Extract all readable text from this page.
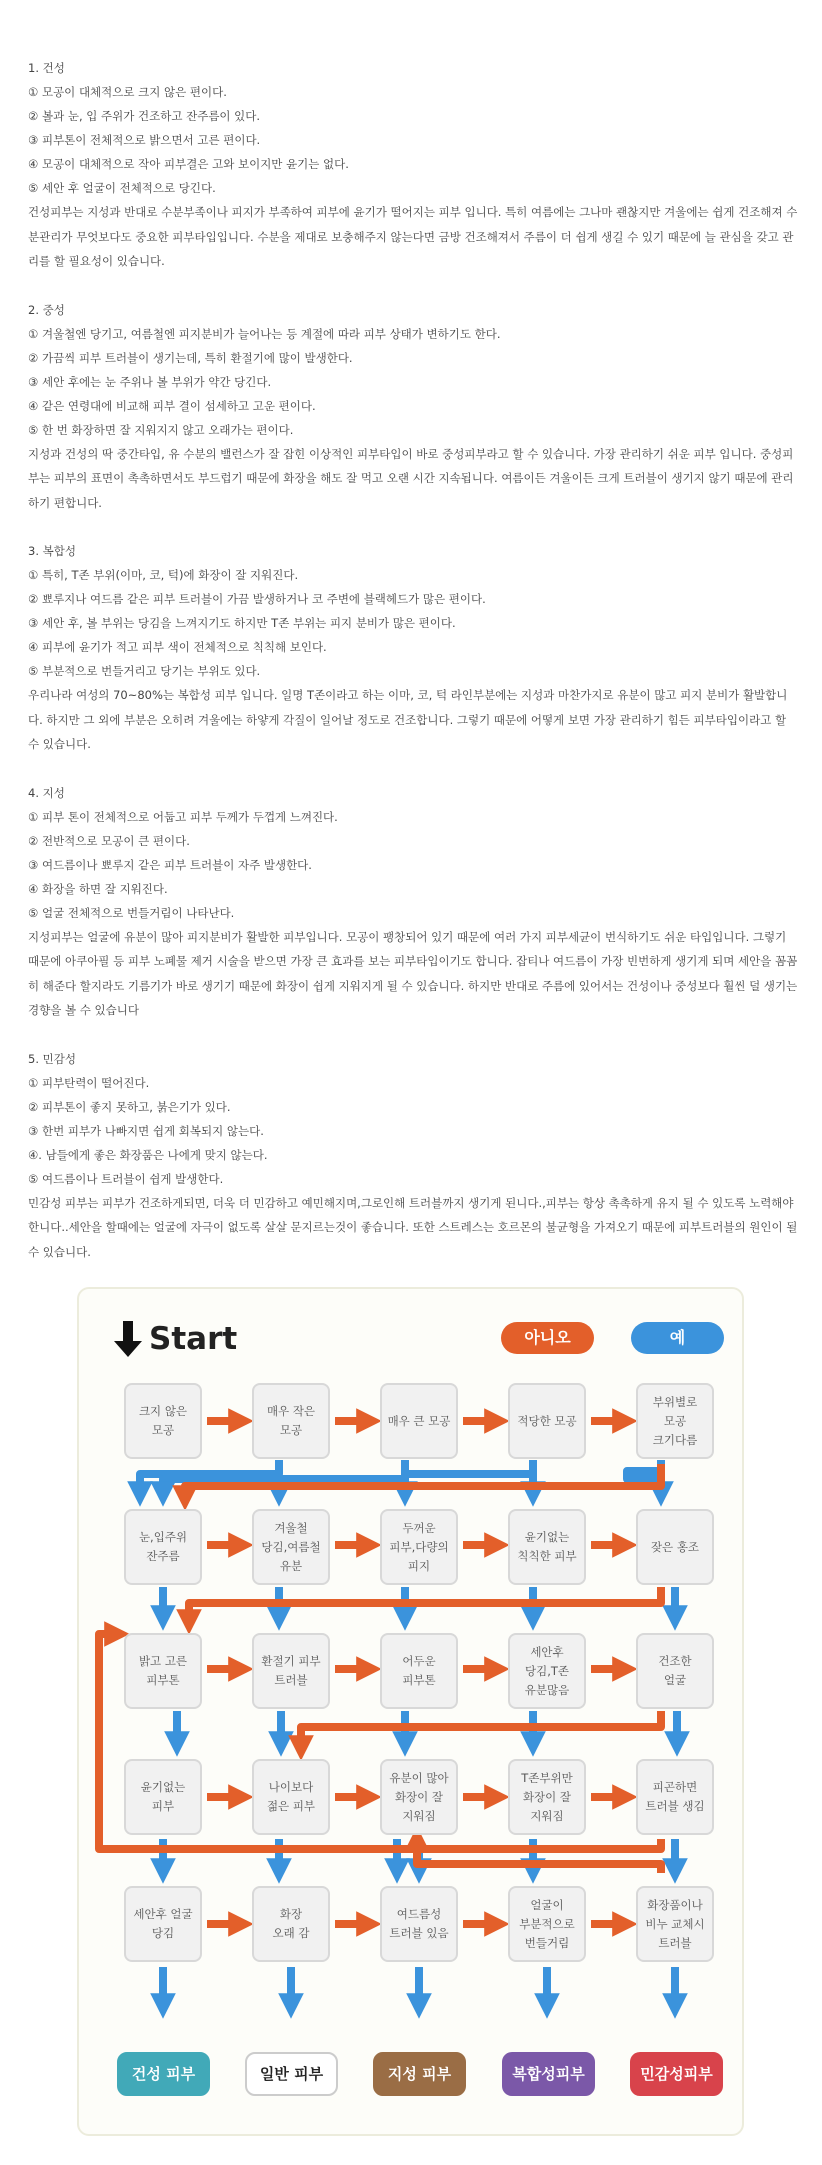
1. 건성

① 모공이 대체적으로 크지 않은 편이다.

② 볼과 눈, 입 주위가 건조하고 잔주름이 있다.

③ 피부톤이 전체적으로 밝으면서 고른 편이다.

④ 모공이 대체적으로 작아 피부결은 고와 보이지만 윤기는 없다.

⑤ 세안 후 얼굴이 전체적으로 당긴다.

건성피부는 지성과 반대로 수분부족이나 피지가 부족하여 피부에 윤기가 떨어지는 피부 입니다. 특히 여름에는 그나마 괜찮지만 겨울에는 쉽게 건조해져 수분관리가 무엇보다도 중요한 피부타입입니다. 수분을 제대로 보충해주지 않는다면 금방 건조해져서 주름이 더 쉽게 생길 수 있기 때문에 늘 관심을 갖고 관리를 할 필요성이 있습니다.

2. 중성

① 겨울철엔 당기고, 여름철엔 피지분비가 늘어나는 등 계절에 따라 피부 상태가 변하기도 한다.

② 가끔씩 피부 트러블이 생기는데, 특히 환절기에 많이 발생한다.

③ 세안 후에는 눈 주위나 볼 부위가 약간 당긴다.

④ 같은 연령대에 비교해 피부 결이 섬세하고 고운 편이다.

⑤ 한 번 화장하면 잘 지워지지 않고 오래가는 편이다.

지성과 건성의 딱 중간타입, 유 수분의 밸런스가 잘 잡힌 이상적인 피부타입이 바로 중성피부라고 할 수 있습니다. 가장 관리하기 쉬운 피부 입니다. 중성피부는 피부의 표면이 촉촉하면서도 부드럽기 때문에 화장을 해도 잘 먹고 오랜 시간 지속됩니다. 여름이든 겨울이든 크게 트러블이 생기지 않기 때문에 관리하기 편합니다.

3. 복합성

① 특히, T존 부위(이마, 코, 턱)에 화장이 잘 지워진다.

② 뾰루지나 여드름 같은 피부 트러블이 가끔 발생하거나 코 주변에 블랙헤드가 많은 편이다.

③ 세안 후, 볼 부위는 당김을 느껴지기도 하지만 T존 부위는 피지 분비가 많은 편이다.

④ 피부에 윤기가 적고 피부 색이 전체적으로 칙칙해 보인다.

⑤ 부분적으로 번들거리고 당기는 부위도 있다.

우리나라 여성의 70~80%는 복합성 피부 입니다. 일명 T존이라고 하는 이마, 코, 턱 라인부분에는 지성과 마찬가지로 유분이 많고 피지 분비가 활발합니다. 하지만 그 외에 부분은 오히려 겨울에는 하얗게 각질이 일어날 정도로 건조합니다. 그렇기 때문에 어떻게 보면 가장 관리하기 힘든 피부타입이라고 할 수 있습니다.

4. 지성

① 피부 톤이 전체적으로 어둡고 피부 두께가 두껍게 느껴진다.

② 전반적으로 모공이 큰 편이다.

③ 여드름이나 뾰루지 같은 피부 트러블이 자주 발생한다.

④ 화장을 하면 잘 지워진다.

⑤ 얼굴 전체적으로 번들거림이 나타난다.

지성피부는 얼굴에 유분이 많아 피지분비가 활발한 피부입니다. 모공이 팽창되어 있기 때문에 여러 가지 피부세균이 번식하기도 쉬운 타입입니다. 그렇기 때문에 아쿠아필 등 피부 노폐물 제거 시술을 받으면 가장 큰 효과를 보는 피부타입이기도 합니다. 잡티나 여드름이 가장 빈번하게 생기게 되며 세안을 꼼꼼히 해준다 할지라도 기름기가 바로 생기기 때문에 화장이 쉽게 지워지게 될 수 있습니다. 하지만 반대로 주름에 있어서는 건성이나 중성보다 훨씬 덜 생기는 경향을 볼 수 있습니다

5. 민감성

① 피부탄력이 떨어진다.

② 피부톤이 좋지 못하고, 붉은기가 있다.

③ 한번 피부가 나빠지면 쉽게 회복되지 않는다.

④. 남들에게 좋은 화장품은 나에게 맞지 않는다.

⑤ 여드름이나 트러블이 쉽게 발생한다.

민감성 피부는 피부가 건조하게되면, 더욱 더 민감하고 예민해지며,그로인해 트러블까지 생기게 된니다.,피부는 항상 촉촉하게 유지 될 수 있도록 노력해야 한니다..세안을 할때에는 얼굴에 자극이 없도록 살살 문지르는것이 좋습니다. 또한 스트레스는 호르몬의 불균형을 가져오기 때문에 피부트러블의 원인이 될 수 있습니다.

Start	아니오	예
크지 않은
모공
매우 작은
모공
매우 큰 모공	적당한 모공
부위별로
모공
크기다름
눈,입주위
잔주름
겨울철
당김,여름철
유분
두꺼운
피부,다량의
피지
윤기없는
칙칙한 피부
잦은 홍조
밝고 고른
피부톤
환절기 피부
트러블
어두운
피부톤
세안후
당김,T존
유분많음
건조한
얼굴
윤기없는
피부
나이보다
젊은 피부
유분이 많아
화장이 잘
지워짐
T존부위만
화장이 잘
지워짐
피곤하면
트러블 생김
세안후 얼굴
당김
화장
오래 감
여드름성
트러블 있음
얼굴이
부분적으로
번들거림
화장품이나
비누 교체시
트러블
건성 피부	일반 피부	지성 피부	복합성피부	민감성피부
